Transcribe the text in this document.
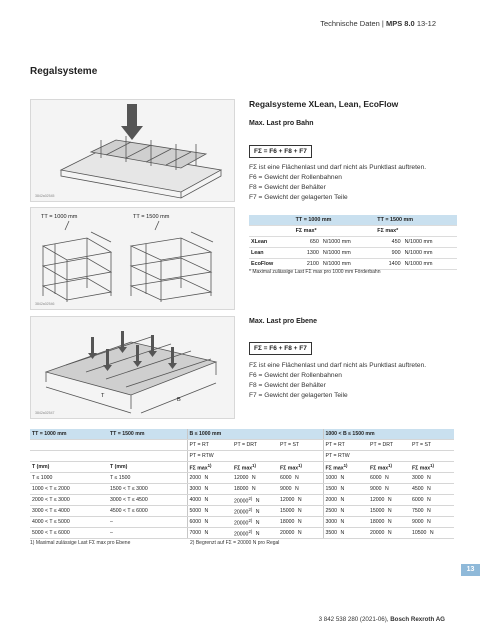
Technische Daten | MPS 8.0 13-12
Regalsysteme
3842a02545
TT = 1000 mm	TT = 1500 mm
3842a02546
Regalsysteme XLean, Lean, EcoFlow
Max. Last pro Bahn
FΣ = F6 + F8 + F7
FΣ ist eine Flächenlast und darf nicht als Punktlast auftreten.
F6 = Gewicht der Rollenbahnen
F8 = Gewicht der Behälter
F7 = Gewicht der gelagerten Teile
	TT = 1000 mm		TT = 1500 mm	
	FΣ max*		FΣ max*	
XLean	650	N/1000 mm	450	N/1000 mm
Lean	1300	N/1000 mm	900	N/1000 mm
EcoFlow	2100	N/1000 mm	1400	N/1000 mm
* Maximal zulässige Last FΣ max pro 1000 mm Förderbahn
T
B
3842a02547
Max. Last pro Ebene
FΣ = F6 + F8 + F7
FΣ ist eine Flächenlast und darf nicht als Punktlast auftreten.
F6 = Gewicht der Rollenbahnen
F8 = Gewicht der Behälter
F7 = Gewicht der gelagerten Teile
TT = 1000 mm	TT = 1500 mm	B ≤ 1000 mm			1000 < B ≤ 1500 mm		
		PT = RT	PT = DRT	PT = ST	PT = RT	PT = DRT	PT = ST
		PT = RTW			PT = RTW		
T (mm)	T (mm)	FΣ $\max^{1)}$	FΣ $\max^{1)}$	FΣ $\max^{1)}$	FΣ $\max^{1)}$	FΣ $\max^{1)}$	FΣ $\max^{1)}$
T ≤ 1000	T ≤ 1500	2000 N	12000 N	6000 N	1000 N	6000 N	3000 N
1000 < T ≤ 2000	1500 < T ≤ 3000	3000 N	18000 N	9000 N	1500 N	9000 N	4500 N
2000 < T ≤ 3000	3000 < T ≤ 4500	4000 N	20000$^{2)}$ N	12000 N	2000 N	12000 N	6000 N
3000 < T ≤ 4000	4500 < T ≤ 6000	5000 N	20000$^{2)}$ N	15000 N	2500 N	15000 N	7500 N
4000 < T ≤ 5000	–	6000 N	20000$^{2)}$ N	18000 N	3000 N	18000 N	9000 N
5000 < T ≤ 6000	–	7000 N	20000$^{2)}$ N	20000 N	3500 N	20000 N	10500 N
1) Maximal zulässige Last FΣ max pro Ebene	2) Begrenzt auf FΣ = 20000 N pro Regal
13
3 842 538 280 (2021-06), Bosch Rexroth AG
